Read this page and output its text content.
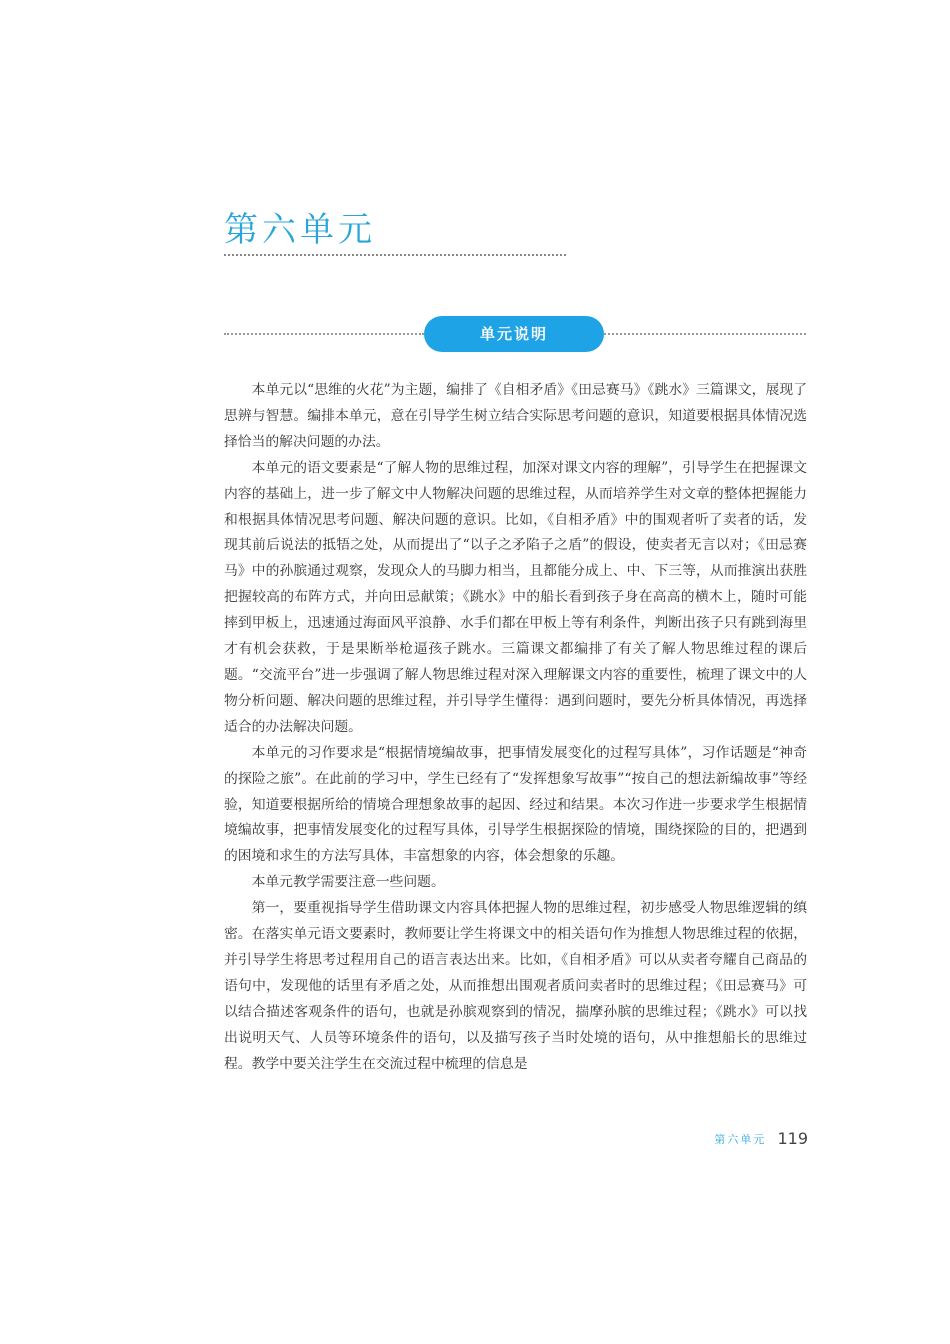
第六单元
单元说明

本单元以“思维的火花”为主题，编排了《自相矛盾》《田忌赛马》《跳水》三篇课文，展现了思辨与智慧。编排本单元，意在引导学生树立结合实际思考问题的意识，知道要根据具体情况选择恰当的解决问题的办法。

本单元的语文要素是“了解人物的思维过程，加深对课文内容的理解”，引导学生在把握课文内容的基础上，进一步了解文中人物解决问题的思维过程，从而培养学生对文章的整体把握能力和根据具体情况思考问题、解决问题的意识。比如，《自相矛盾》中的围观者听了卖者的话，发现其前后说法的抵牾之处，从而提出了“以子之矛陷子之盾”的假设，使卖者无言以对；《田忌赛马》中的孙膑通过观察，发现众人的马脚力相当，且都能分成上、中、下三等，从而推演出获胜把握较高的布阵方式，并向田忌献策；《跳水》中的船长看到孩子身在高高的横木上，随时可能摔到甲板上，迅速通过海面风平浪静、水手们都在甲板上等有利条件，判断出孩子只有跳到海里才有机会获救，于是果断举枪逼孩子跳水。三篇课文都编排了有关了解人物思维过程的课后题。“交流平台”进一步强调了解人物思维过程对深入理解课文内容的重要性，梳理了课文中的人物分析问题、解决问题的思维过程，并引导学生懂得：遇到问题时，要先分析具体情况，再选择适合的办法解决问题。

本单元的习作要求是“根据情境编故事，把事情发展变化的过程写具体”，习作话题是“神奇的探险之旅”。在此前的学习中，学生已经有了“发挥想象写故事”“按自己的想法新编故事”等经验，知道要根据所给的情境合理想象故事的起因、经过和结果。本次习作进一步要求学生根据情境编故事，把事情发展变化的过程写具体，引导学生根据探险的情境，围绕探险的目的，把遇到的困境和求生的方法写具体，丰富想象的内容，体会想象的乐趣。

本单元教学需要注意一些问题。

第一，要重视指导学生借助课文内容具体把握人物的思维过程，初步感受人物思维逻辑的缜密。在落实单元语文要素时，教师要让学生将课文中的相关语句作为推想人物思维过程的依据，并引导学生将思考过程用自己的语言表达出来。比如，《自相矛盾》可以从卖者夸耀自己商品的语句中，发现他的话里有矛盾之处，从而推想出围观者质问卖者时的思维过程；《田忌赛马》可以结合描述客观条件的语句，也就是孙膑观察到的情况，揣摩孙膑的思维过程；《跳水》可以找出说明天气、人员等环境条件的语句，以及描写孩子当时处境的语句，从中推想船长的思维过程。教学中要关注学生在交流过程中梳理的信息是

第六单元 119
